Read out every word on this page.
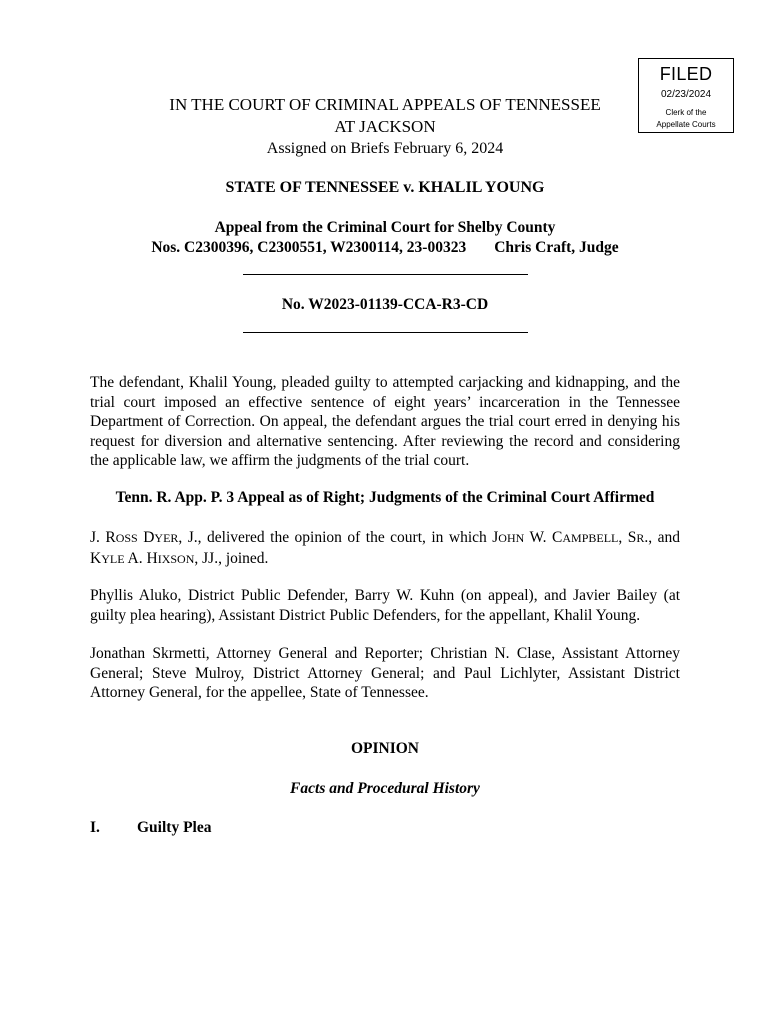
FILED
02/23/2024
Clerk of the
Appellate Courts
IN THE COURT OF CRIMINAL APPEALS OF TENNESSEE
AT JACKSON
Assigned on Briefs February 6, 2024
STATE OF TENNESSEE v. KHALIL YOUNG
Appeal from the Criminal Court for Shelby County
Nos. C2300396, C2300551, W2300114, 23-00323 Chris Craft, Judge
No. W2023-01139-CCA-R3-CD
The defendant, Khalil Young, pleaded guilty to attempted carjacking and kidnapping, and the trial court imposed an effective sentence of eight years’ incarceration in the Tennessee Department of Correction. On appeal, the defendant argues the trial court erred in denying his request for diversion and alternative sentencing. After reviewing the record and considering the applicable law, we affirm the judgments of the trial court.
Tenn. R. App. P. 3 Appeal as of Right; Judgments of the Criminal Court Affirmed
J. ROSS DYER, J., delivered the opinion of the court, in which JOHN W. CAMPBELL, SR., and KYLE A. HIXSON, JJ., joined.
Phyllis Aluko, District Public Defender, Barry W. Kuhn (on appeal), and Javier Bailey (at guilty plea hearing), Assistant District Public Defenders, for the appellant, Khalil Young.
Jonathan Skrmetti, Attorney General and Reporter; Christian N. Clase, Assistant Attorney General; Steve Mulroy, District Attorney General; and Paul Lichlyter, Assistant District Attorney General, for the appellee, State of Tennessee.
OPINION
Facts and Procedural History
I. Guilty Plea
